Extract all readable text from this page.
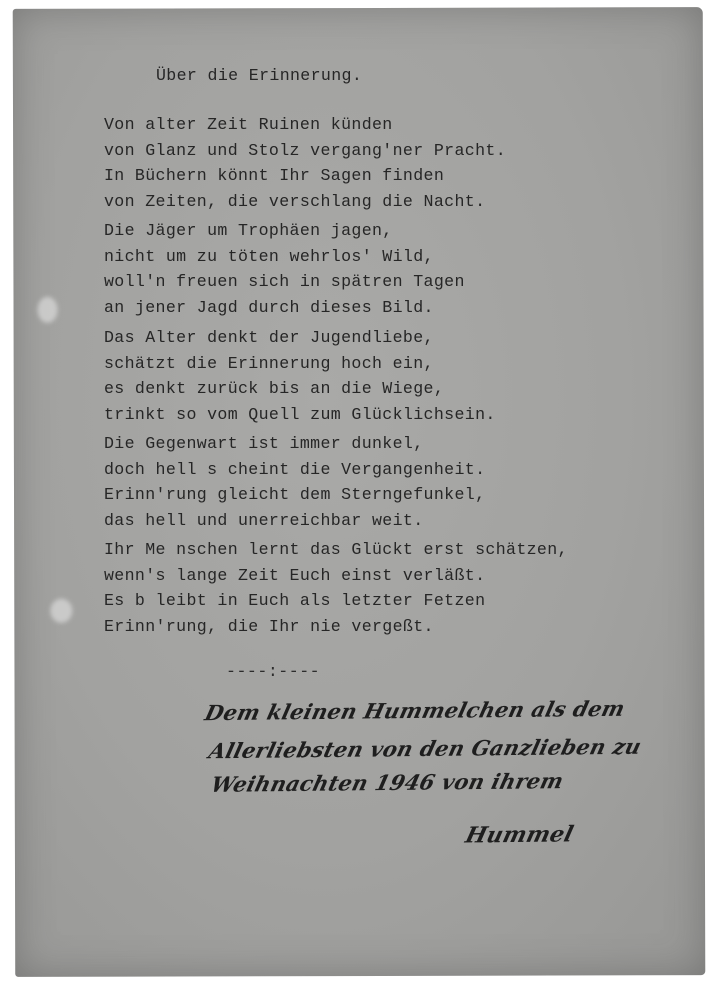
Über die Erinnerung.
Von alter Zeit Ruinen künden
von Glanz und Stolz vergang'ner Pracht.
In Büchern könnt Ihr Sagen finden
von Zeiten, die verschlang die Nacht.
Die Jäger um Trophäen jagen,
nicht um zu töten wehrlos' Wild,
woll'n freuen sich in spätren Tagen
an jener Jagd durch dieses Bild.
Das Alter denkt der Jugendliebe,
schätzt die Erinnerung hoch ein,
es denkt zurück bis an die Wiege,
trinkt so vom Quell zum Glücklichsein.
Die Gegenwart ist immer dunkel,
doch hell s cheint die Vergangenheit.
Erinn'rung gleicht dem Sterngefunkel,
das hell und unerreichbar weit.
Ihr Me nschen lernt das Glückt erst schätzen,
wenn's lange Zeit Euch einst verläßt.
Es b leibt in Euch als letzter Fetzen
Erinn'rung, die Ihr nie vergeßt.
----:----
Dem kleinen Hummelchen als dem
Allerliebsten von den Ganzlieben zu
Weihnachten 1946 von ihrem
Hummel
